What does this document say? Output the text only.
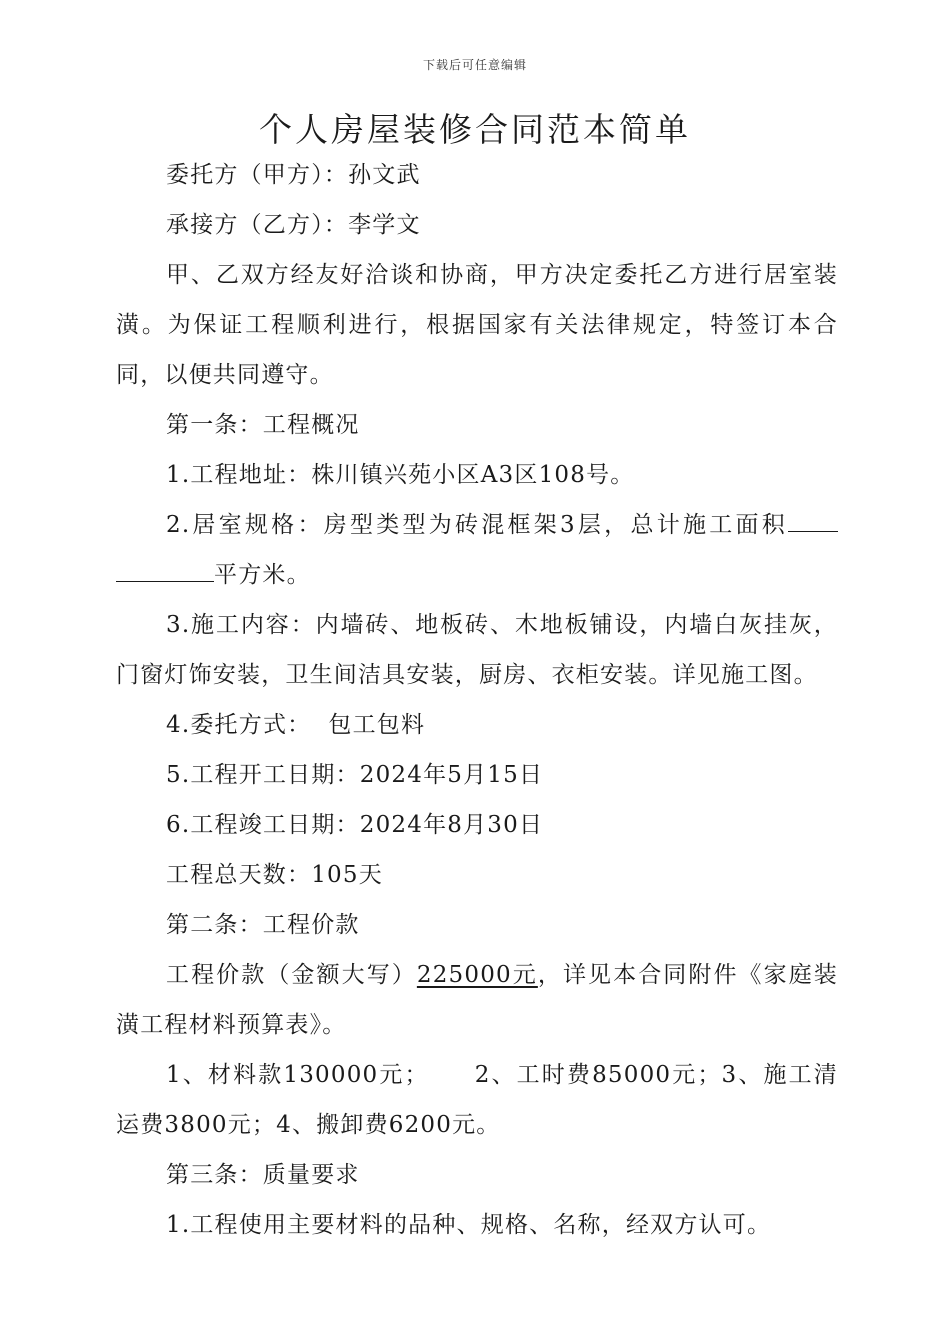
下载后可任意编辑
个人房屋装修合同范本简单

委托方（甲方）：孙文武

承接方（乙方）：李学文

甲、乙双方经友好洽谈和协商，甲方决定委托乙方进行居室装潢。为保证工程顺利进行，根据国家有关法律规定，特签订本合同，以便共同遵守。

第一条：工程概况

1.工程地址：株川镇兴苑小区A3区108号。

2.居室规格：房型类型为砖混框架3层，总计施工面积平方米。

3.施工内容：内墙砖、地板砖、木地板铺设，内墙白灰挂灰，门窗灯饰安装，卫生间洁具安装，厨房、衣柜安装。详见施工图。

4.委托方式：  包工包料

5.工程开工日期：2024年5月15日

6.工程竣工日期：2024年8月30日

工程总天数：105天

第二条：工程价款

工程价款（金额大写）225000元，详见本合同附件《家庭装潢工程材料预算表》。

1、材料款130000元； 2、工时费85000元；3、施工清运费3800元；4、搬卸费6200元。

第三条：质量要求

1.工程使用主要材料的品种、规格、名称，经双方认可。
